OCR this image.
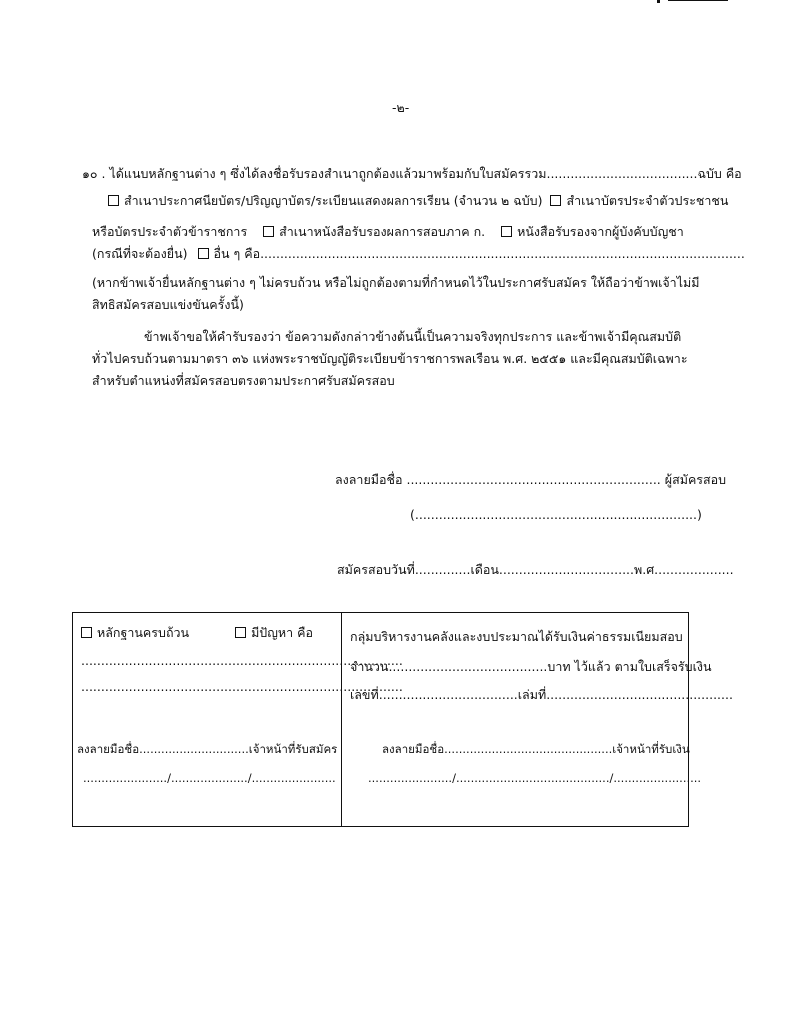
-๒-
๑๐ . ได้แนบหลักฐานต่าง ๆ ซึ่งได้ลงชื่อรับรองสำเนาถูกต้องแล้วมาพร้อมกับใบสมัครรวม......................................ฉบับ คือ
สำเนาประกาศนียบัตร/ปริญญาบัตร/ระเบียนแสดงผลการเรียน (จำนวน ๒ ฉบับ) สำเนาบัตรประจำตัวประชาชน
หรือบัตรประจำตัวข้าราชการ	สำเนาหนังสือรับรองผลการสอบภาค ก.	หนังสือรับรองจากผู้บังคับบัญชา
(กรณีที่จะต้องยื่น) อื่น ๆ คือ..........................................................................................................................
(หากข้าพเจ้ายื่นหลักฐานต่าง ๆ ไม่ครบถ้วน หรือไม่ถูกต้องตามที่กำหนดไว้ในประกาศรับสมัคร ให้ถือว่าข้าพเจ้าไม่มี
สิทธิสมัครสอบแข่งขันครั้งนี้)
ข้าพเจ้าขอให้คำรับรองว่า ข้อความดังกล่าวข้างต้นนี้เป็นความจริงทุกประการ และข้าพเจ้ามีคุณสมบัติ
ทั่วไปครบถ้วนตามมาตรา ๓๖ แห่งพระราชบัญญัติระเบียบข้าราชการพลเรือน พ.ศ. ๒๕๕๑ และมีคุณสมบัติเฉพาะ
สำหรับตำแหน่งที่สมัครสอบตรงตามประกาศรับสมัครสอบ
ลงลายมือชื่อ ................................................................ ผู้สมัครสอบ
(.......................................................................)
สมัครสอบวันที่..............เดือน..................................พ.ศ....................
หลักฐานครบถ้วน	มีปัญหา คือ
.................................................................................
.................................................................................
ลงลายมือชื่อ..............................เจ้าหน้าที่รับสมัคร
......................./...................../.......................
กลุ่มบริหารงานคลังและงบประมาณได้รับเงินค่าธรรมเนียมสอบ
จำนวน........................................บาท ไว้แล้ว ตามใบเสร็จรับเงิน
เลขที่...................................เล่มที่...............................................
ลงลายมือชื่อ..............................................เจ้าหน้าที่รับเงิน
......................./........................................../........................
